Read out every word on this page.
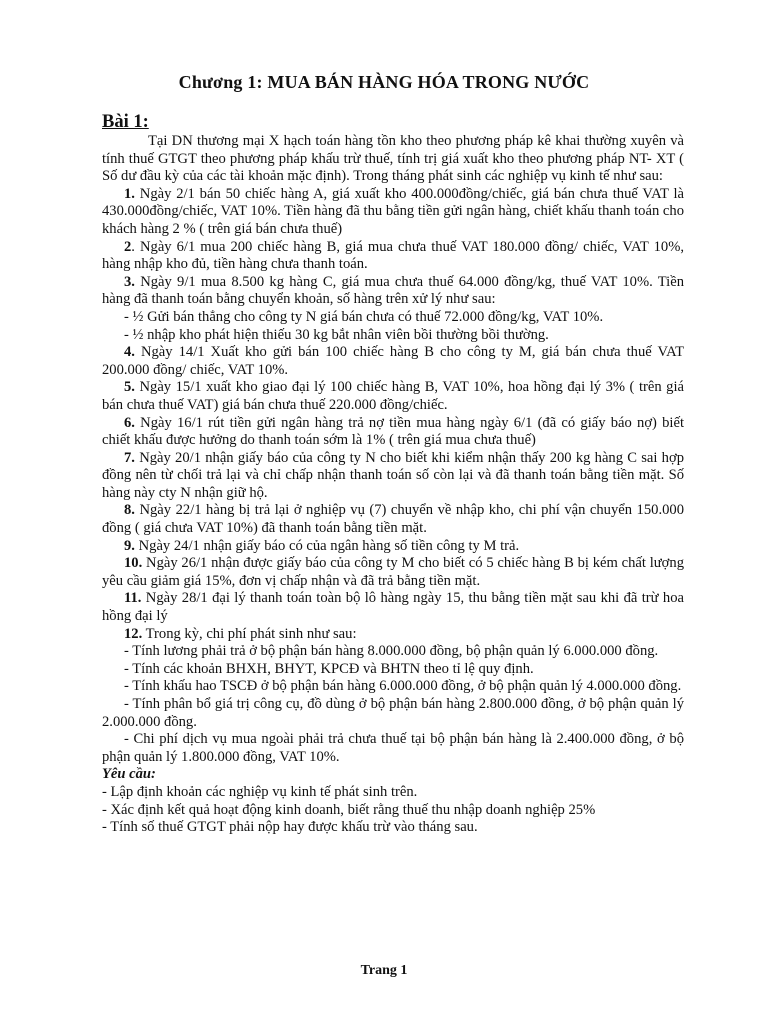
Chương 1: MUA BÁN HÀNG HÓA TRONG NƯỚC
Bài 1:

Tại DN thương mại X hạch toán hàng tồn kho theo phương pháp kê khai thường xuyên và tính thuế GTGT theo phương pháp khấu trừ thuế, tính trị giá xuất kho theo phương pháp NT- XT ( Số dư đầu kỳ của các tài khoản mặc định). Trong tháng phát sinh các nghiệp vụ kinh tế như sau:

1. Ngày 2/1 bán 50 chiếc hàng A, giá xuất kho 400.000đồng/chiếc, giá bán chưa thuế VAT là 430.000đồng/chiếc, VAT 10%. Tiền hàng đã thu bằng tiền gửi ngân hàng, chiết khấu thanh toán cho khách hàng 2 % ( trên giá bán chưa thuế)

2. Ngày 6/1 mua 200 chiếc hàng B, giá mua chưa thuế VAT 180.000 đồng/ chiếc, VAT 10%, hàng nhập kho đủ, tiền hàng chưa thanh toán.

3. Ngày 9/1 mua 8.500 kg hàng C, giá mua chưa thuế 64.000 đồng/kg, thuế VAT 10%. Tiền hàng đã thanh toán bằng chuyển khoản, số hàng trên xử lý như sau:

- ½ Gửi bán thẳng cho công ty N giá bán chưa có thuế 72.000 đồng/kg, VAT 10%.

- ½ nhập kho phát hiện thiếu 30 kg bắt nhân viên bồi thường bồi thường.

4. Ngày 14/1 Xuất kho gửi bán 100 chiếc hàng B cho công ty M, giá bán chưa thuế VAT 200.000 đồng/ chiếc, VAT 10%.

5. Ngày 15/1 xuất kho giao đại lý 100 chiếc hàng B, VAT 10%, hoa hồng đại lý 3% ( trên giá bán chưa thuế VAT) giá bán chưa thuế 220.000 đồng/chiếc.

6. Ngày 16/1 rút tiền gửi ngân hàng trả nợ tiền mua hàng ngày 6/1 (đã có giấy báo nợ) biết chiết khấu được hưởng do thanh toán sớm là 1% ( trên giá mua chưa thuế)

7. Ngày 20/1 nhận giấy báo của công ty N cho biết khi kiểm nhận thấy 200 kg hàng C sai hợp đồng nên từ chối trả lại và chỉ chấp nhận thanh toán số còn lại và đã thanh toán bằng tiền mặt. Số hàng này cty N nhận giữ hộ.

8. Ngày 22/1 hàng bị trả lại ở nghiệp vụ (7) chuyển về nhập kho, chi phí vận chuyển 150.000 đồng ( giá chưa VAT 10%) đã thanh toán bằng tiền mặt.

9. Ngày 24/1 nhận giấy báo có của ngân hàng số tiền công ty M trả.

10. Ngày 26/1 nhận được giấy báo của công ty M cho biết có 5 chiếc hàng B bị kém chất lượng yêu cầu giảm giá 15%, đơn vị chấp nhận và đã trả bằng tiền mặt.

11. Ngày 28/1 đại lý thanh toán toàn bộ lô hàng ngày 15, thu bằng tiền mặt sau khi đã trừ hoa hồng đại lý

12. Trong kỳ, chi phí phát sinh như sau:

- Tính lương phải trả ở bộ phận bán hàng 8.000.000 đồng, bộ phận quản lý 6.000.000 đồng.

- Tính các khoản BHXH, BHYT, KPCĐ và BHTN theo tỉ lệ quy định.

- Tính khấu hao TSCĐ ở bộ phận bán hàng 6.000.000 đồng, ở bộ phận quản lý 4.000.000 đồng.

- Tính phân bổ giá trị công cụ, đồ dùng ở bộ phận bán hàng 2.800.000 đồng, ở bộ phận quản lý 2.000.000 đồng.

- Chi phí dịch vụ mua ngoài phải trả chưa thuế tại bộ phận bán hàng là 2.400.000 đồng, ở bộ phận quản lý 1.800.000 đồng, VAT 10%.

Yêu cầu:

- Lập định khoản các nghiệp vụ kinh tế phát sinh trên.

- Xác định kết quả hoạt động kinh doanh, biết rằng thuế thu nhập doanh nghiệp 25%

- Tính số thuế GTGT phải nộp hay được khấu trừ vào tháng sau.

Trang 1
